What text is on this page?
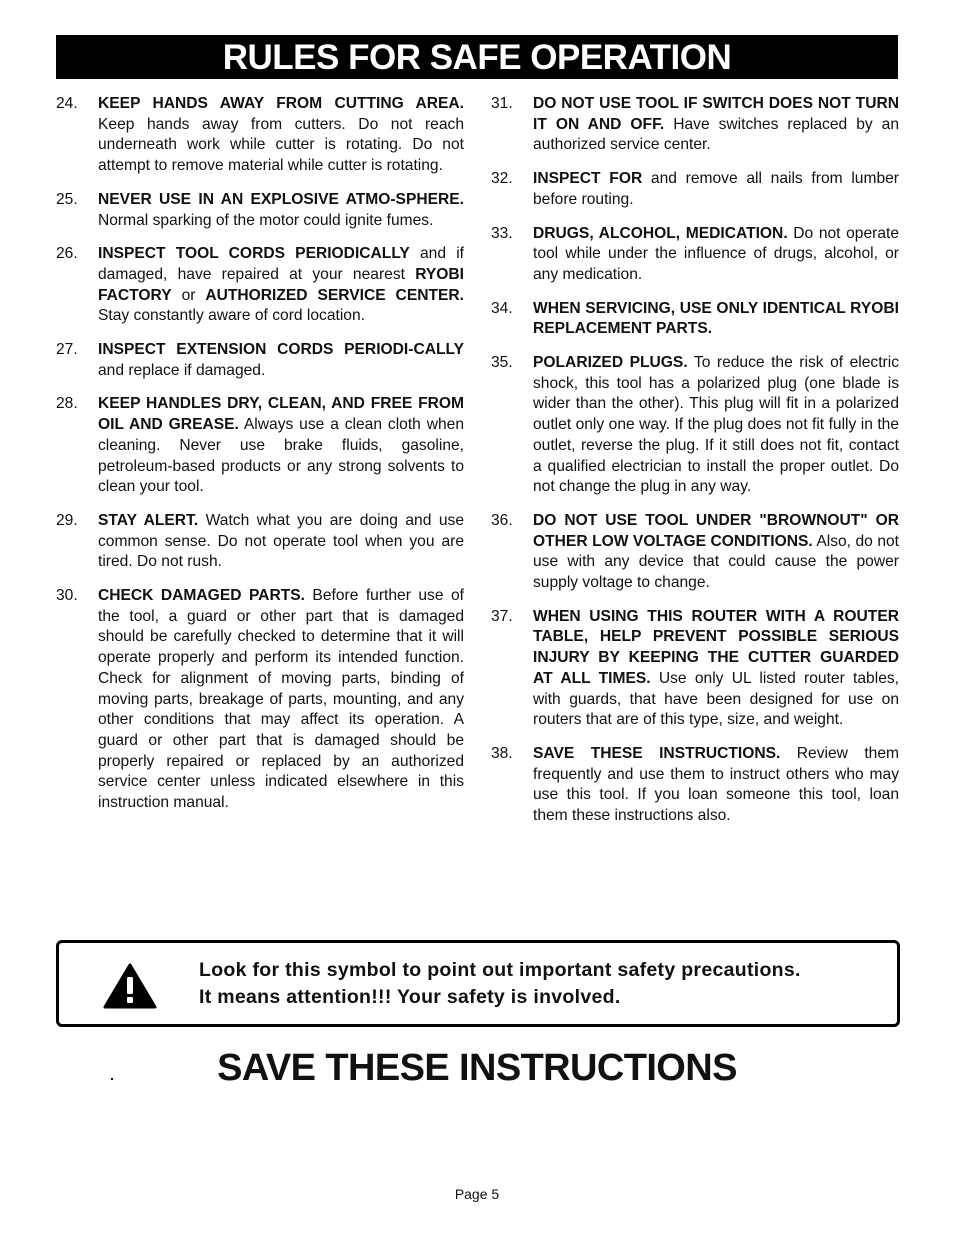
RULES FOR SAFE OPERATION
24.	KEEP HANDS AWAY FROM CUTTING AREA. Keep hands away from cutters. Do not reach underneath work while cutter is rotating. Do not attempt to remove material while cutter is rotating.
25.	NEVER USE IN AN EXPLOSIVE ATMO-SPHERE. Normal sparking of the motor could ignite fumes.
26.	INSPECT TOOL CORDS PERIODICALLY and if damaged, have repaired at your nearest RYOBI FACTORY or AUTHORIZED SERVICE CENTER. Stay constantly aware of cord location.
27.	INSPECT EXTENSION CORDS PERIODI-CALLY and replace if damaged.
28.	KEEP HANDLES DRY, CLEAN, AND FREE FROM OIL AND GREASE. Always use a clean cloth when cleaning. Never use brake fluids, gasoline, petroleum-based products or any strong solvents to clean your tool.
29.	STAY ALERT. Watch what you are doing and use common sense. Do not operate tool when you are tired. Do not rush.
30.	CHECK DAMAGED PARTS. Before further use of the tool, a guard or other part that is damaged should be carefully checked to determine that it will operate properly and perform its intended function. Check for alignment of moving parts, binding of moving parts, breakage of parts, mounting, and any other conditions that may affect its operation. A guard or other part that is damaged should be properly repaired or replaced by an authorized service center unless indicated elsewhere in this instruction manual.
31.	DO NOT USE TOOL IF SWITCH DOES NOT TURN IT ON AND OFF. Have switches replaced by an authorized service center.
32.	INSPECT FOR and remove all nails from lumber before routing.
33.	DRUGS, ALCOHOL, MEDICATION. Do not operate tool while under the influence of drugs, alcohol, or any medication.
34.	WHEN SERVICING, USE ONLY IDENTICAL RYOBI REPLACEMENT PARTS.
35.	POLARIZED PLUGS. To reduce the risk of electric shock, this tool has a polarized plug (one blade is wider than the other). This plug will fit in a polarized outlet only one way. If the plug does not fit fully in the outlet, reverse the plug. If it still does not fit, contact a qualified electrician to install the proper outlet. Do not change the plug in any way.
36.	DO NOT USE TOOL UNDER "BROWNOUT" OR OTHER LOW VOLTAGE CONDITIONS. Also, do not use with any device that could cause the power supply voltage to change.
37.	WHEN USING THIS ROUTER WITH A ROUTER TABLE, HELP PREVENT POSSIBLE SERIOUS INJURY BY KEEPING THE CUTTER GUARDED AT ALL TIMES. Use only UL listed router tables, with guards, that have been designed for use on routers that are of this type, size, and weight.
38.	SAVE THESE INSTRUCTIONS. Review them frequently and use them to instruct others who may use this tool. If you loan someone this tool, loan them these instructions also.
Look for this symbol to point out important safety precautions.
It means attention!!! Your safety is involved.
SAVE THESE INSTRUCTIONS
Page 5
